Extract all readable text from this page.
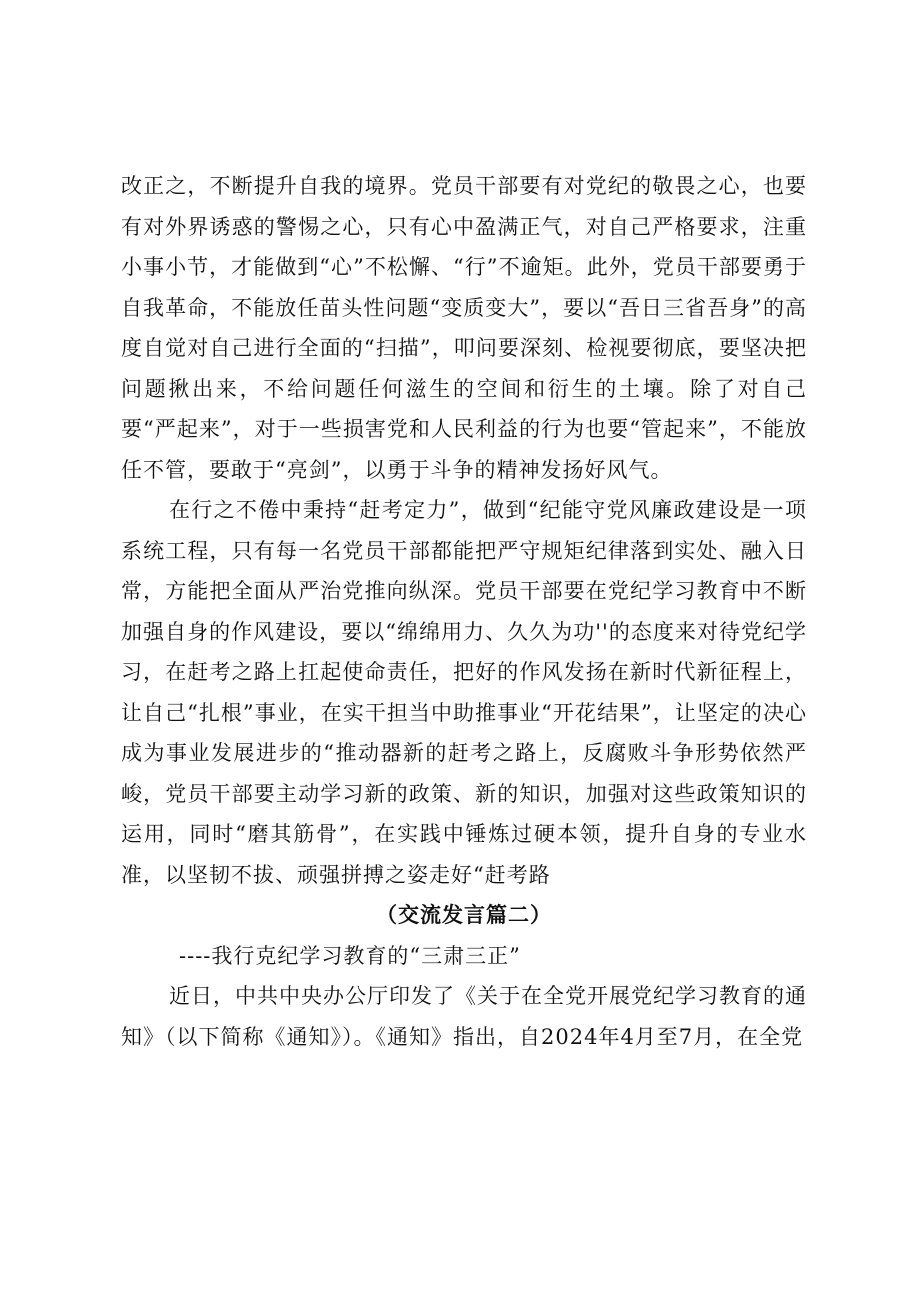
改正之，不断提升自我的境界。党员干部要有对党纪的敬畏之心，也要有对外界诱惑的警惕之心，只有心中盈满正气，对自己严格要求，注重小事小节，才能做到“心”不松懈、“行”不逾矩。此外，党员干部要勇于自我革命，不能放任苗头性问题“变质变大”，要以“吾日三省吾身”的高度自觉对自己进行全面的“扫描”，叩问要深刻、检视要彻底，要坚决把问题揪出来，不给问题任何滋生的空间和衍生的土壤。除了对自己要“严起来”，对于一些损害党和人民利益的行为也要“管起来”，不能放任不管，要敢于“亮剑”，以勇于斗争的精神发扬好风气。

在行之不倦中秉持“赶考定力”，做到“纪能守党风廉政建设是一项系统工程，只有每一名党员干部都能把严守规矩纪律落到实处、融入日常，方能把全面从严治党推向纵深。党员干部要在党纪学习教育中不断加强自身的作风建设，要以“绵绵用力、久久为功''的态度来对待党纪学习，在赶考之路上扛起使命责任，把好的作风发扬在新时代新征程上，让自己“扎根”事业，在实干担当中助推事业“开花结果”，让坚定的决心成为事业发展进步的“推动器新的赶考之路上，反腐败斗争形势依然严峻，党员干部要主动学习新的政策、新的知识，加强对这些政策知识的运用，同时“磨其筋骨”，在实践中锤炼过硬本领，提升自身的专业水准，以坚韧不拔、顽强拼搏之姿走好“赶考路

（交流发言篇二）

----我行克纪学习教育的“三肃三正”

近日，中共中央办公厅印发了《关于在全党开展党纪学习教育的通知》（以下简称《通知》）。《通知》指出，自2024年4月至7月，在全党
